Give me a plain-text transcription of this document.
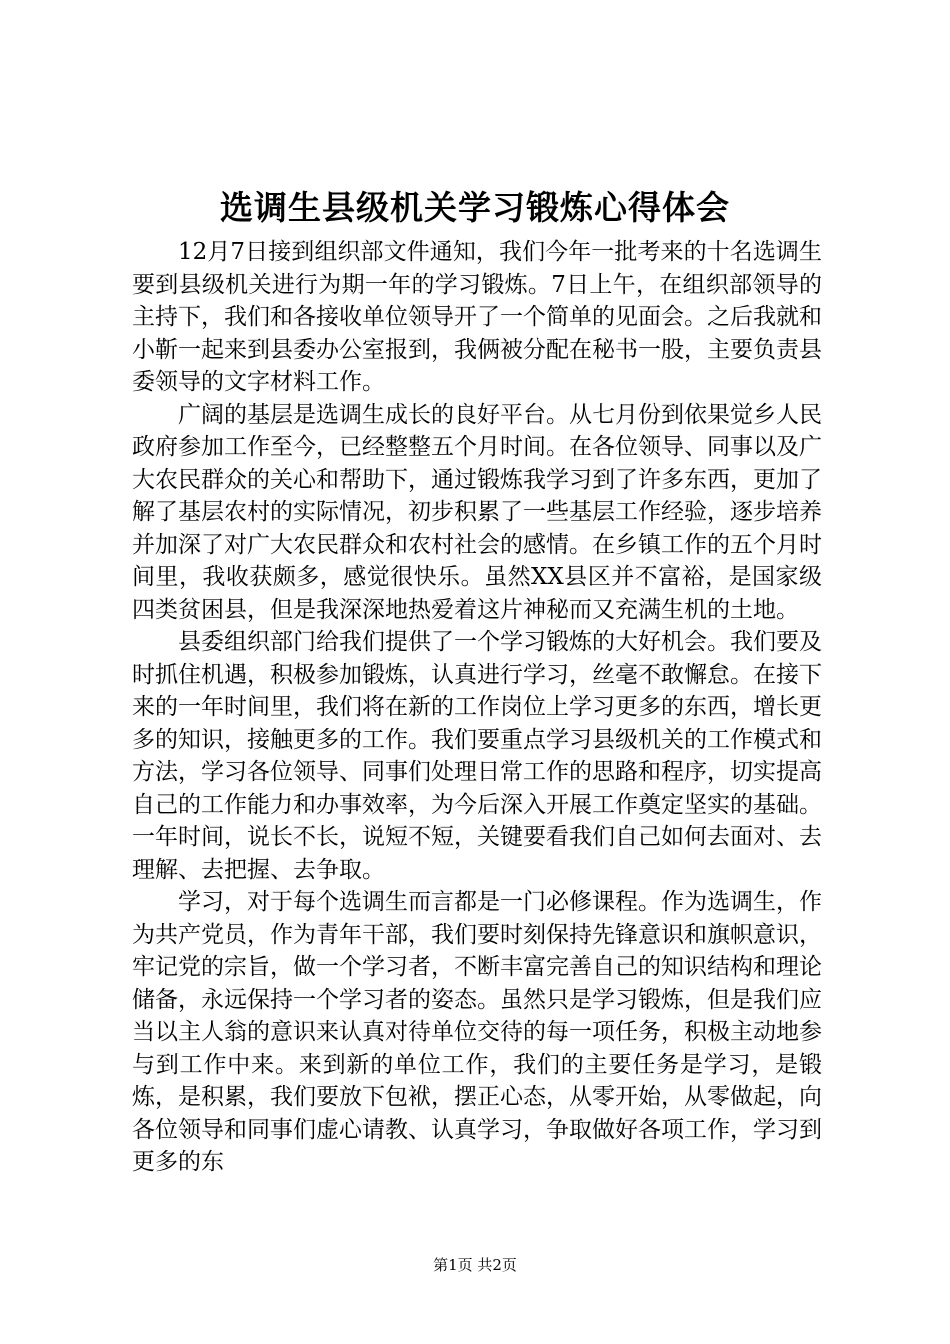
选调生县级机关学习锻炼心得体会

12月7日接到组织部文件通知，我们今年一批考来的十名选调生要到县级机关进行为期一年的学习锻炼。7日上午，在组织部领导的主持下，我们和各接收单位领导开了一个简单的见面会。之后我就和小靳一起来到县委办公室报到，我俩被分配在秘书一股，主要负责县委领导的文字材料工作。

广阔的基层是选调生成长的良好平台。从七月份到依果觉乡人民政府参加工作至今，已经整整五个月时间。在各位领导、同事以及广大农民群众的关心和帮助下，通过锻炼我学习到了许多东西，更加了解了基层农村的实际情况，初步积累了一些基层工作经验，逐步培养并加深了对广大农民群众和农村社会的感情。在乡镇工作的五个月时间里，我收获颇多，感觉很快乐。虽然XX县区并不富裕，是国家级四类贫困县，但是我深深地热爱着这片神秘而又充满生机的土地。

县委组织部门给我们提供了一个学习锻炼的大好机会。我们要及时抓住机遇，积极参加锻炼，认真进行学习，丝毫不敢懈怠。在接下来的一年时间里，我们将在新的工作岗位上学习更多的东西，增长更多的知识，接触更多的工作。我们要重点学习县级机关的工作模式和方法，学习各位领导、同事们处理日常工作的思路和程序，切实提高自己的工作能力和办事效率，为今后深入开展工作奠定坚实的基础。一年时间，说长不长，说短不短，关键要看我们自己如何去面对、去理解、去把握、去争取。

学习，对于每个选调生而言都是一门必修课程。作为选调生，作为共产党员，作为青年干部，我们要时刻保持先锋意识和旗帜意识，牢记党的宗旨，做一个学习者，不断丰富完善自己的知识结构和理论储备，永远保持一个学习者的姿态。虽然只是学习锻炼，但是我们应当以主人翁的意识来认真对待单位交待的每一项任务，积极主动地参与到工作中来。来到新的单位工作，我们的主要任务是学习，是锻炼，是积累，我们要放下包袱，摆正心态，从零开始，从零做起，向各位领导和同事们虚心请教、认真学习，争取做好各项工作，学习到更多的东

第1页 共2页
